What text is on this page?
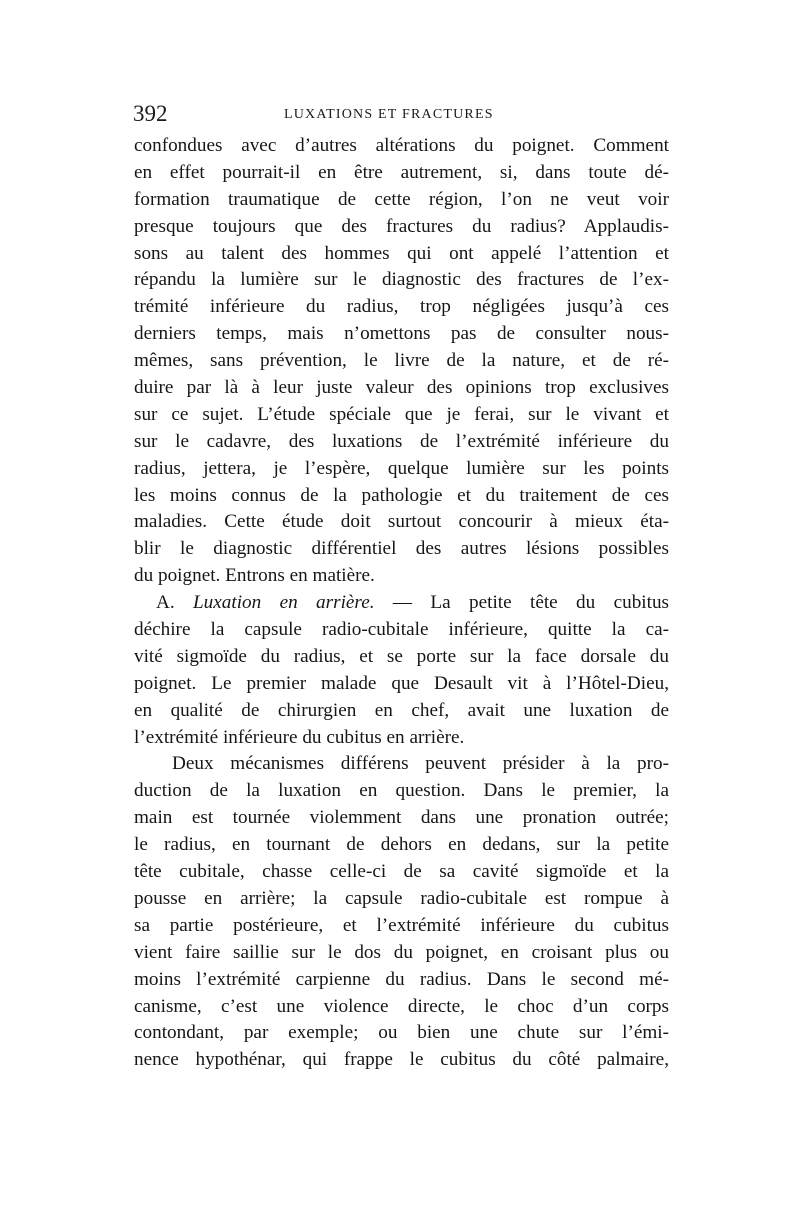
392	LUXATIONS ET FRACTURES
confondues avec d’autres altérations du poignet. Comment
en effet pourrait-il en être autrement, si, dans toute dé-
formation traumatique de cette région, l’on ne veut voir
presque toujours que des fractures du radius? Applaudis-
sons au talent des hommes qui ont appelé l’attention et
répandu la lumière sur le diagnostic des fractures de l’ex-
trémité inférieure du radius, trop négligées jusqu’à ces
derniers temps, mais n’omettons pas de consulter nous-
mêmes, sans prévention, le livre de la nature, et de ré-
duire par là à leur juste valeur des opinions trop exclusives
sur ce sujet. L’étude spéciale que je ferai, sur le vivant et
sur le cadavre, des luxations de l’extrémité inférieure du
radius, jettera, je l’espère, quelque lumière sur les points
les moins connus de la pathologie et du traitement de ces
maladies. Cette étude doit surtout concourir à mieux éta-
blir le diagnostic différentiel des autres lésions possibles
du poignet. Entrons en matière.
A. Luxation en arrière. — La petite tête du cubitus
déchire la capsule radio-cubitale inférieure, quitte la ca-
vité sigmoïde du radius, et se porte sur la face dorsale du
poignet. Le premier malade que Desault vit à l’Hôtel-Dieu,
en qualité de chirurgien en chef, avait une luxation de
l’extrémité inférieure du cubitus en arrière.
Deux mécanismes différens peuvent présider à la pro-
duction de la luxation en question. Dans le premier, la
main est tournée violemment dans une pronation outrée;
le radius, en tournant de dehors en dedans, sur la petite
tête cubitale, chasse celle-ci de sa cavité sigmoïde et la
pousse en arrière; la capsule radio-cubitale est rompue à
sa partie postérieure, et l’extrémité inférieure du cubitus
vient faire saillie sur le dos du poignet, en croisant plus ou
moins l’extrémité carpienne du radius. Dans le second mé-
canisme, c’est une violence directe, le choc d’un corps
contondant, par exemple; ou bien une chute sur l’émi-
nence hypothénar, qui frappe le cubitus du côté palmaire,
